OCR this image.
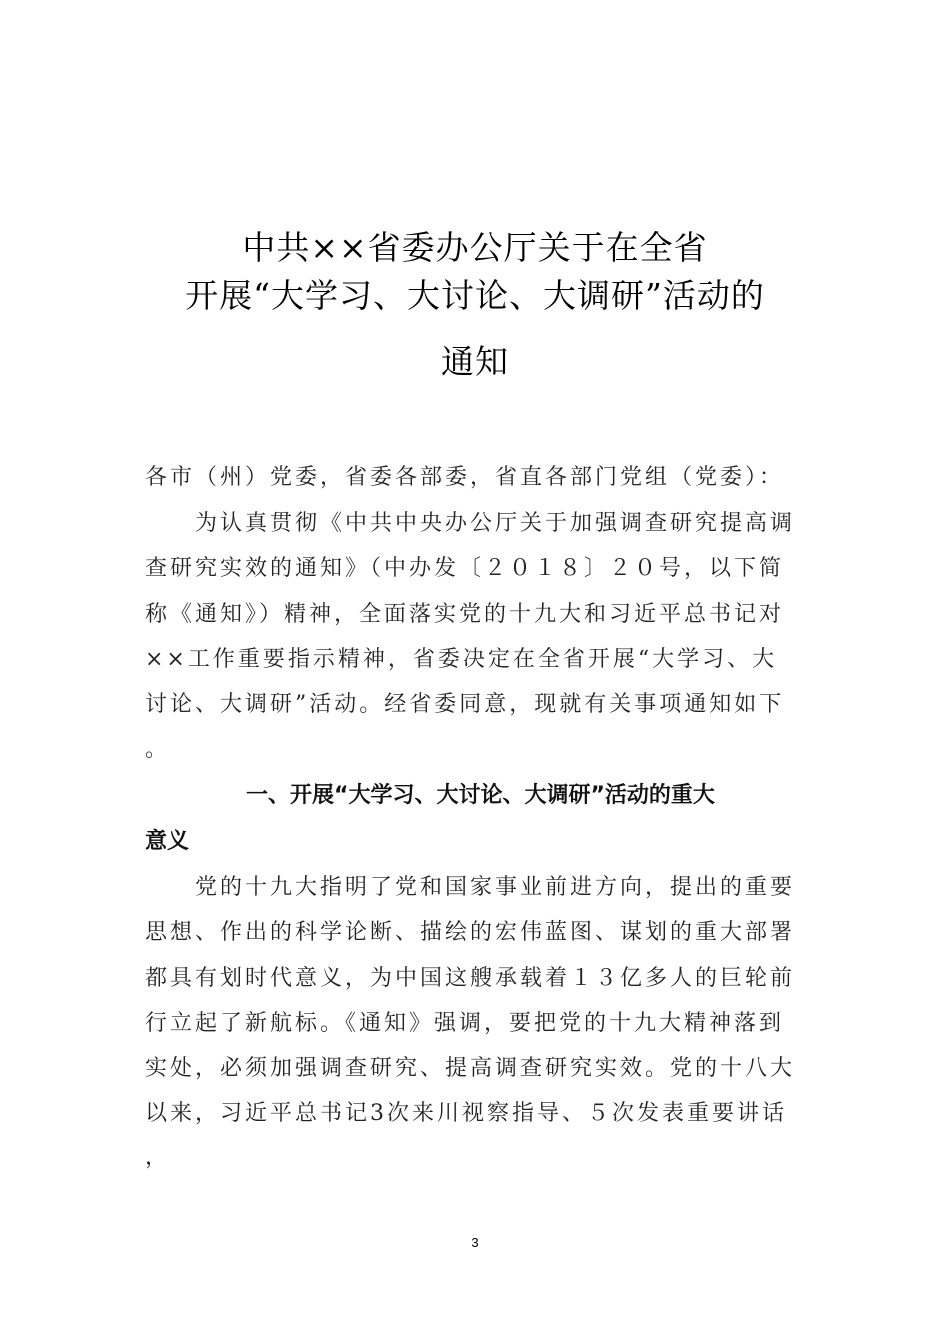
中共××省委办公厅关于在全省
开展“大学习、大讨论、大调研”活动的
通知
各市（州）党委，省委各部委，省直各部门党组（党委）：
为认真贯彻《中共中央办公厅关于加强调查研究提高调
查研究实效的通知》（中办发〔２０１８〕２０号，以下简
称《通知》）精神，全面落实党的十九大和习近平总书记对
××工作重要指示精神，省委决定在全省开展“大学习、大
讨论、大调研”活动。经省委同意，现就有关事项通知如下
。
一、开展“大学习、大讨论、大调研”活动的重大
意义
党的十九大指明了党和国家事业前进方向，提出的重要
思想、作出的科学论断、描绘的宏伟蓝图、谋划的重大部署
都具有划时代意义，为中国这艘承载着１３亿多人的巨轮前
行立起了新航标。《通知》强调，要把党的十九大精神落到
实处，必须加强调查研究、提高调查研究实效。党的十八大
以来，习近平总书记3次来川视察指导、５次发表重要讲话
，
3
